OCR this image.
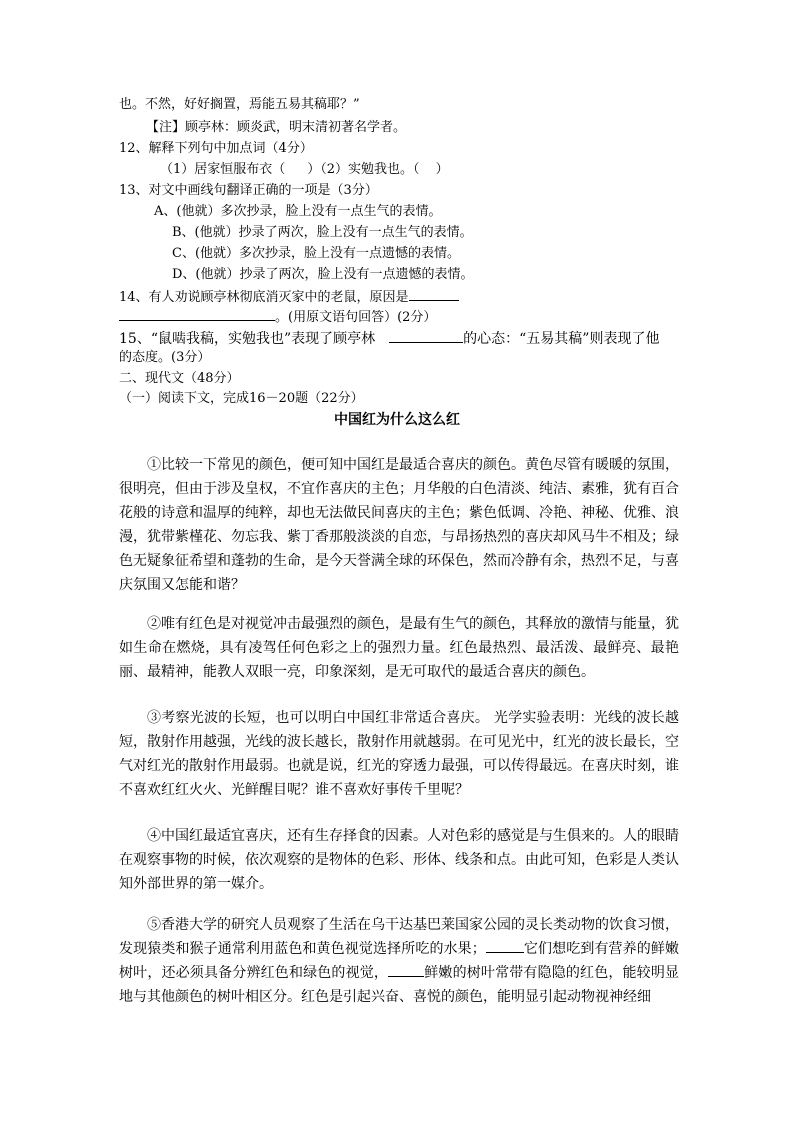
也。不然，好好搁置，焉能五易其稿耶？”
【注】顾亭林：顾炎武，明末清初著名学者。
12、解释下列句中加点词（4分）
（1）居家恒服布衣（ ）（2）实勉我也。（ ）
13、对文中画线句翻译正确的一项是（3分）
A、(他就）多次抄录，脸上没有一点生气的表情。
B、(他就）抄录了两次，脸上没有一点生气的表情。
C、(他就）多次抄录，脸上没有一点遗憾的表情。
D、(他就）抄录了两次，脸上没有一点遗憾的表情。
14、有人劝说顾亭林彻底消灭家中的老鼠，原因是
。(用原文语句回答）(2分）
15、“鼠啮我稿，实勉我也”表现了顾亭林	的心态：“五易其稿”则表现了他
的态度。(3分）
二、现代文（48分）
（一）阅读下文，完成16－20题（22分）
中国红为什么这么红
①比较一下常见的颜色，便可知中国红是最适合喜庆的颜色。黄色尽管有暖暖的氛围，很明亮，但由于涉及皇权，不宜作喜庆的主色；月华般的白色清淡、纯洁、素雅，犹有百合花般的诗意和温厚的纯粹，却也无法做民间喜庆的主色；紫色低调、冷艳、神秘、优雅、浪漫，犹带紫槿花、勿忘我、紫丁香那般淡淡的自恋，与昂扬热烈的喜庆却风马牛不相及；绿色无疑象征希望和蓬勃的生命，是今天誉满全球的环保色，然而冷静有余，热烈不足，与喜庆氛围又怎能和谐？
②唯有红色是对视觉冲击最强烈的颜色，是最有生气的颜色，其释放的激情与能量，犹如生命在燃烧，具有凌驾任何色彩之上的强烈力量。红色最热烈、最活泼、最鲜亮、最艳丽、最精神，能教人双眼一亮，印象深刻，是无可取代的最适合喜庆的颜色。
③考察光波的长短，也可以明白中国红非常适合喜庆。 光学实验表明：光线的波长越短，散射作用越强，光线的波长越长，散射作用就越弱。在可见光中，红光的波长最长，空气对红光的散射作用最弱。也就是说，红光的穿透力最强，可以传得最远。在喜庆时刻，谁不喜欢红红火火、光鲜醒目呢？谁不喜欢好事传千里呢？
④中国红最适宜喜庆，还有生存择食的因素。人对色彩的感觉是与生俱来的。人的眼睛在观察事物的时候，依次观察的是物体的色彩、形体、线条和点。由此可知，色彩是人类认知外部世界的第一媒介。
⑤香港大学的研究人员观察了生活在乌干达基巴莱国家公园的灵长类动物的饮食习惯，发现猿类和猴子通常利用蓝色和黄色视觉选择所吃的水果；	它们想吃到有营养的鲜嫩树叶，还必须具备分辨红色和绿色的视觉，	鲜嫩的树叶常带有隐隐的红色，能较明显地与其他颜色的树叶相区分。红色是引起兴奋、喜悦的颜色，能明显引起动物视神经细
